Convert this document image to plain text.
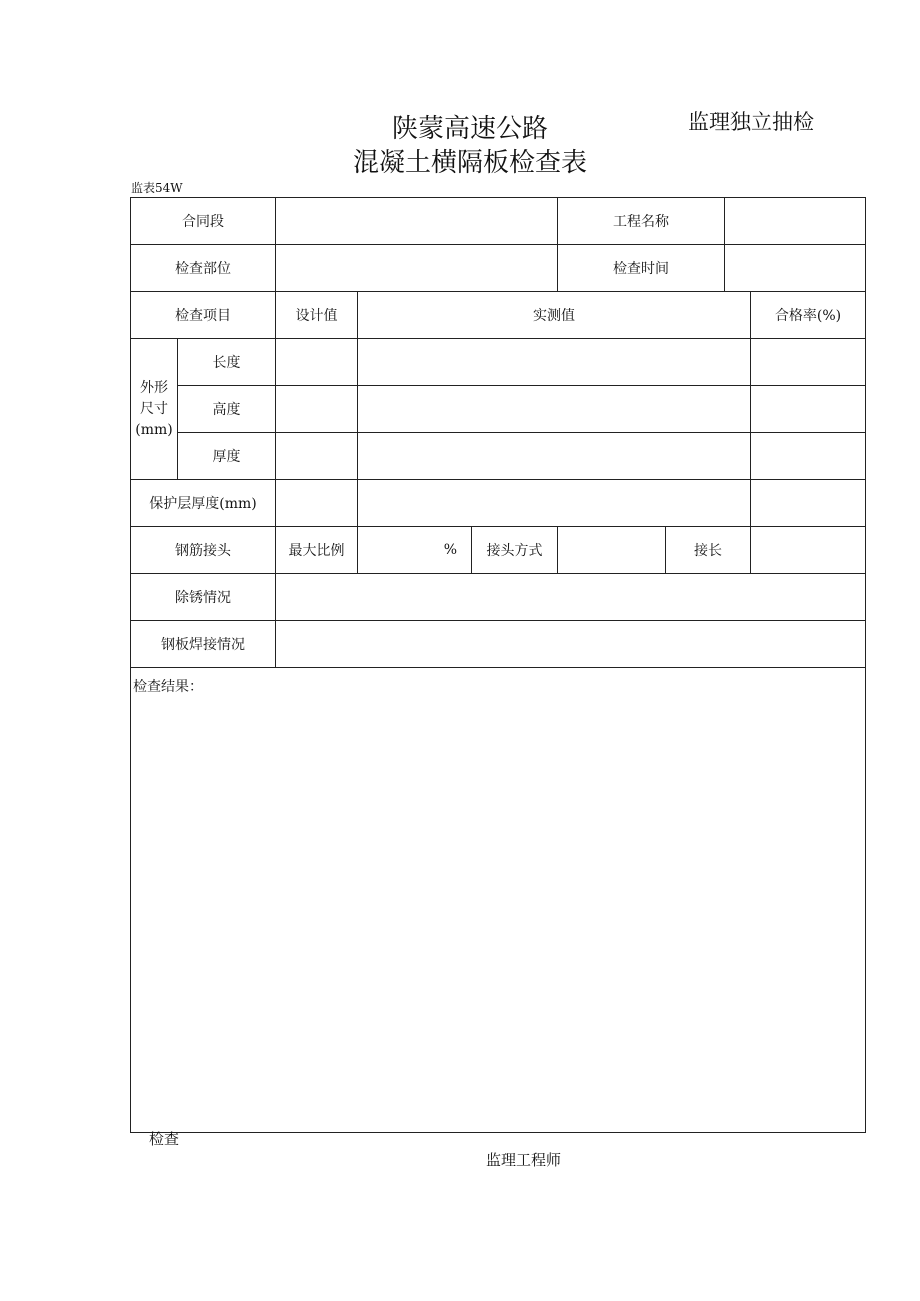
陕蒙高速公路
混凝土横隔板检查表
监理独立抽检
监表54W
合同段					工程名称			
检查部位					检查时间			
检查项目		设计值	实测值					合格率(%)
外形
尺寸
(mm)	长度							
	高度							
	厚度							
保护层厚度(mm)								
钢筋接头		最大比例	%	接头方式		接长		
除锈情况								
钢板焊接情况								
检查结果：								
检查
监理工程师
